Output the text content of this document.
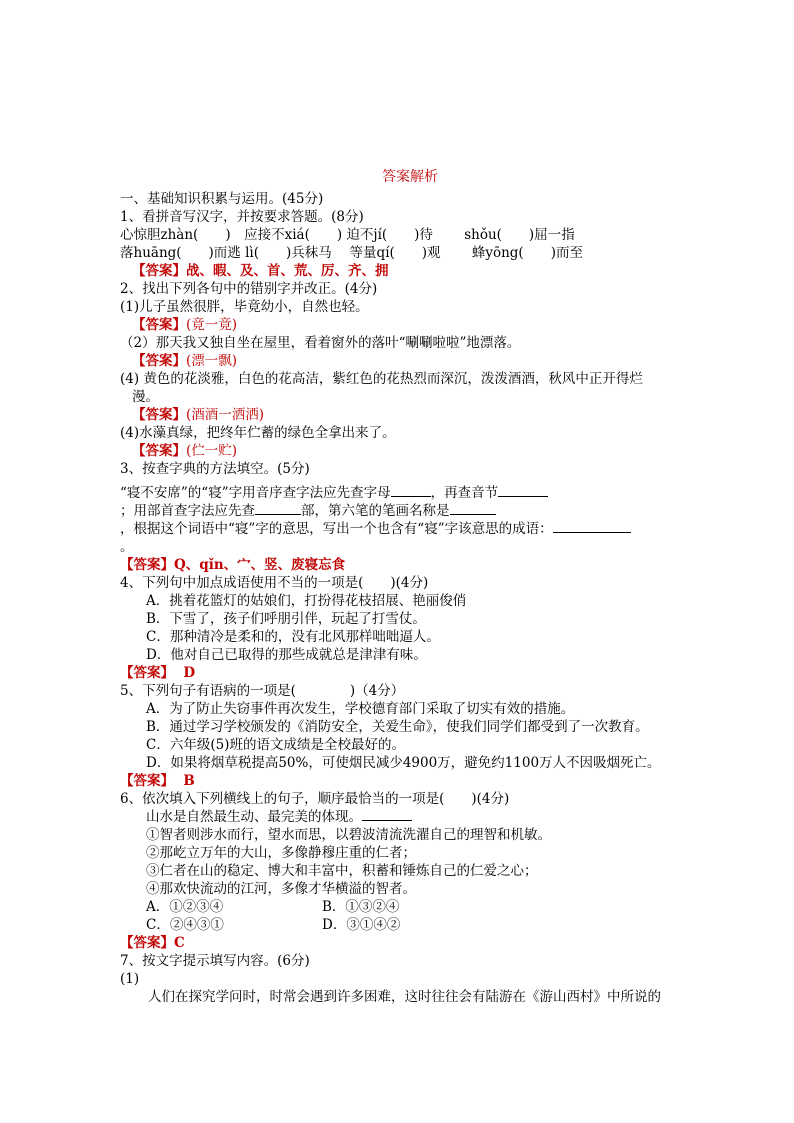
答案解析
一、基础知识积累与运用。(45分)
1、看拼音写汉字，并按要求答题。(8分)
心惊胆zhàn(　　)　应接不xiá(　　) 迫不jí(　　)待　　 shǒu(　　)屈一指
落huāng(　　)而逃 lì(　　)兵秣马　 等量qí(　　)观　　 蜂yōng(　　)而至
【答案】战、暇、及、首、荒、厉、齐、拥
2、找出下列各句中的错别字并改正。(4分)
(1)儿子虽然很胖，毕竟幼小，自然也轻。
【答案】(竟一竟)
（2）那天我又独自坐在屋里，看着窗外的落叶“唰唰啦啦”地漂落。
【答案】(漂一飘)
(4) 黄色的花淡雅，白色的花高洁，紫红色的花热烈而深沉，泼泼酒酒，秋风中正开得烂
漫。
【答案】(酒酒一洒洒)
(4)水藻真绿，把终年伫蓄的绿色全拿出来了。
【答案】(伫一贮)
3、按查字典的方法填空。(5分)
“寝不安席”的“寝”字用音序查字法应先查字母	，再查音节
；用部首查字法应先查	部，第六笔的笔画名称是
，根据这个词语中“寝”字的意思，写出一个也含有“寝”字该意思的成语：
。
【答案】Q、qǐn、宀、竖、废寝忘食
4、下列句中加点成语使用不当的一项是(　　)(4分)
A．挑着花篮灯的姑娘们，打扮得花枝招展、艳丽俊俏
B．下雪了，孩子们呼朋引伴，玩起了打雪仗。
C．那种清冷是柔和的，没有北风那样咄咄逼人。
D．他对自己已取得的那些成就总是津津有味。
【答案】 D
5、下列句子有语病的一项是(　　　　)（4分）
A．为了防止失窃事件再次发生，学校德育部门采取了切实有效的措施。
B．通过学习学校颁发的《消防安全，关爱生命》，使我们同学们都受到了一次教育。
C．六年级(5)班的语文成绩是全校最好的。
D．如果将烟草税提高50%，可使烟民减少4900万，避免约1100万人不因吸烟死亡。
【答案】 B
6、依次填入下列横线上的句子，顺序最恰当的一项是(　　)(4分)
山水是自然最生动、最完美的体现。
①智者则涉水而行，望水而思，以碧波清流洗濯自己的理智和机敏。
②那屹立万年的大山，多像静穆庄重的仁者；
③仁者在山的稳定、博大和丰富中，积蓄和锤炼自己的仁爱之心；
④那欢快流动的江河，多像才华横溢的智者。
A．①②③④	B．①③②④
C．②④③①	D．③①④②
【答案】C
7、按文字提示填写内容。(6分)
(1)
人们在探究学问时，时常会遇到许多困难，这时往往会有陆游在《游山西村》中所说的
